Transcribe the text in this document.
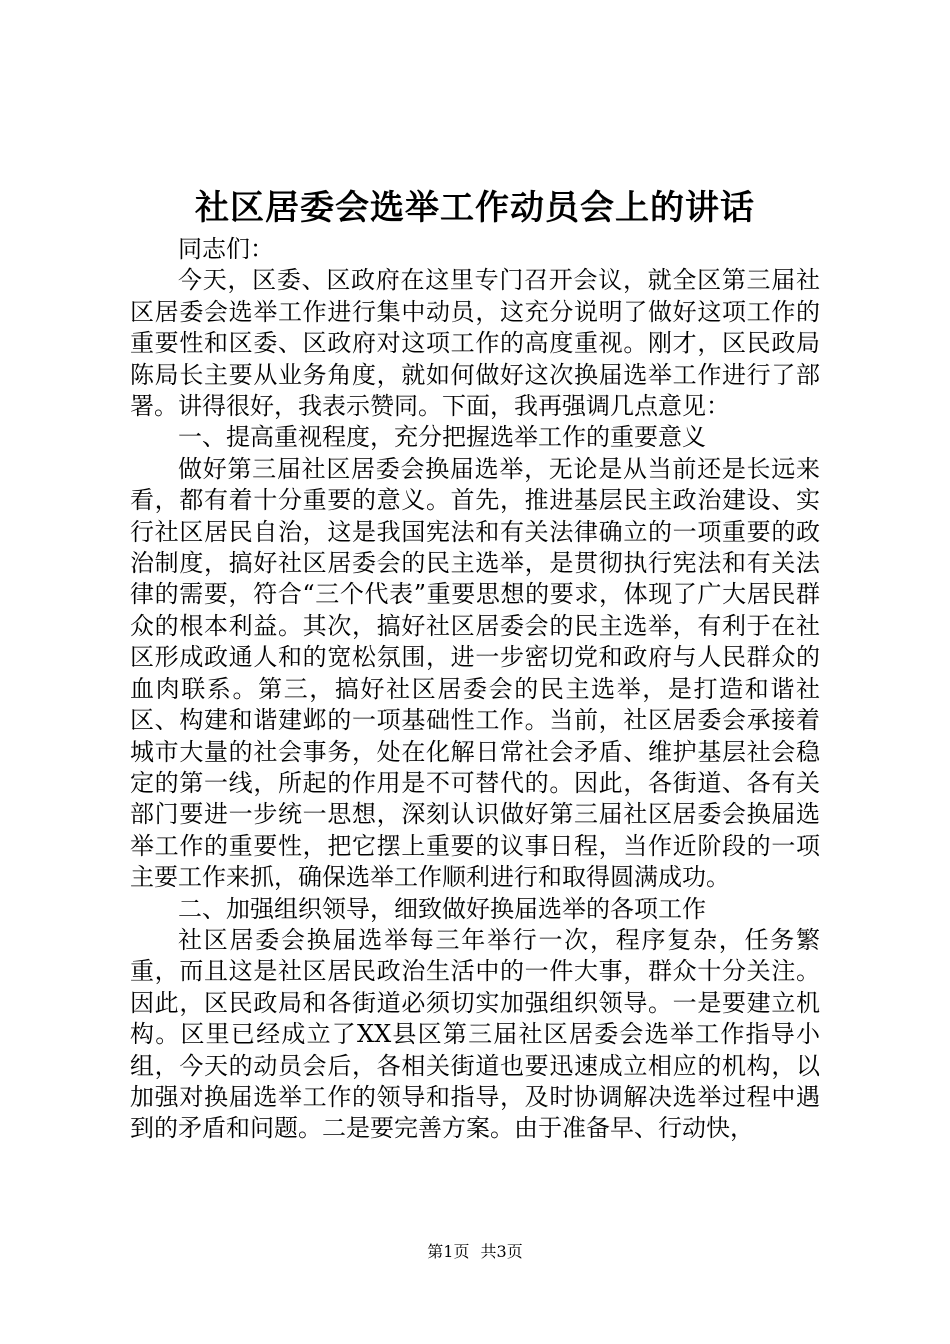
社区居委会选举工作动员会上的讲话

同志们：

今天，区委、区政府在这里专门召开会议，就全区第三届社区居委会选举工作进行集中动员，这充分说明了做好这项工作的重要性和区委、区政府对这项工作的高度重视。刚才，区民政局陈局长主要从业务角度，就如何做好这次换届选举工作进行了部署。讲得很好，我表示赞同。下面，我再强调几点意见：

一、提高重视程度，充分把握选举工作的重要意义

做好第三届社区居委会换届选举，无论是从当前还是长远来看，都有着十分重要的意义。首先，推进基层民主政治建设、实行社区居民自治，这是我国宪法和有关法律确立的一项重要的政治制度，搞好社区居委会的民主选举，是贯彻执行宪法和有关法律的需要，符合“三个代表”重要思想的要求，体现了广大居民群众的根本利益。其次，搞好社区居委会的民主选举，有利于在社区形成政通人和的宽松氛围，进一步密切党和政府与人民群众的血肉联系。第三，搞好社区居委会的民主选举，是打造和谐社区、构建和谐建邺的一项基础性工作。当前，社区居委会承接着城市大量的社会事务，处在化解日常社会矛盾、维护基层社会稳定的第一线，所起的作用是不可替代的。因此，各街道、各有关部门要进一步统一思想，深刻认识做好第三届社区居委会换届选举工作的重要性，把它摆上重要的议事日程，当作近阶段的一项主要工作来抓，确保选举工作顺利进行和取得圆满成功。

二、加强组织领导，细致做好换届选举的各项工作

社区居委会换届选举每三年举行一次，程序复杂，任务繁重，而且这是社区居民政治生活中的一件大事，群众十分关注。因此，区民政局和各街道必须切实加强组织领导。一是要建立机构。区里已经成立了XX县区第三届社区居委会选举工作指导小组，今天的动员会后，各相关街道也要迅速成立相应的机构，以加强对换届选举工作的领导和指导，及时协调解决选举过程中遇到的矛盾和问题。二是要完善方案。由于准备早、行动快，

第1页 共3页
